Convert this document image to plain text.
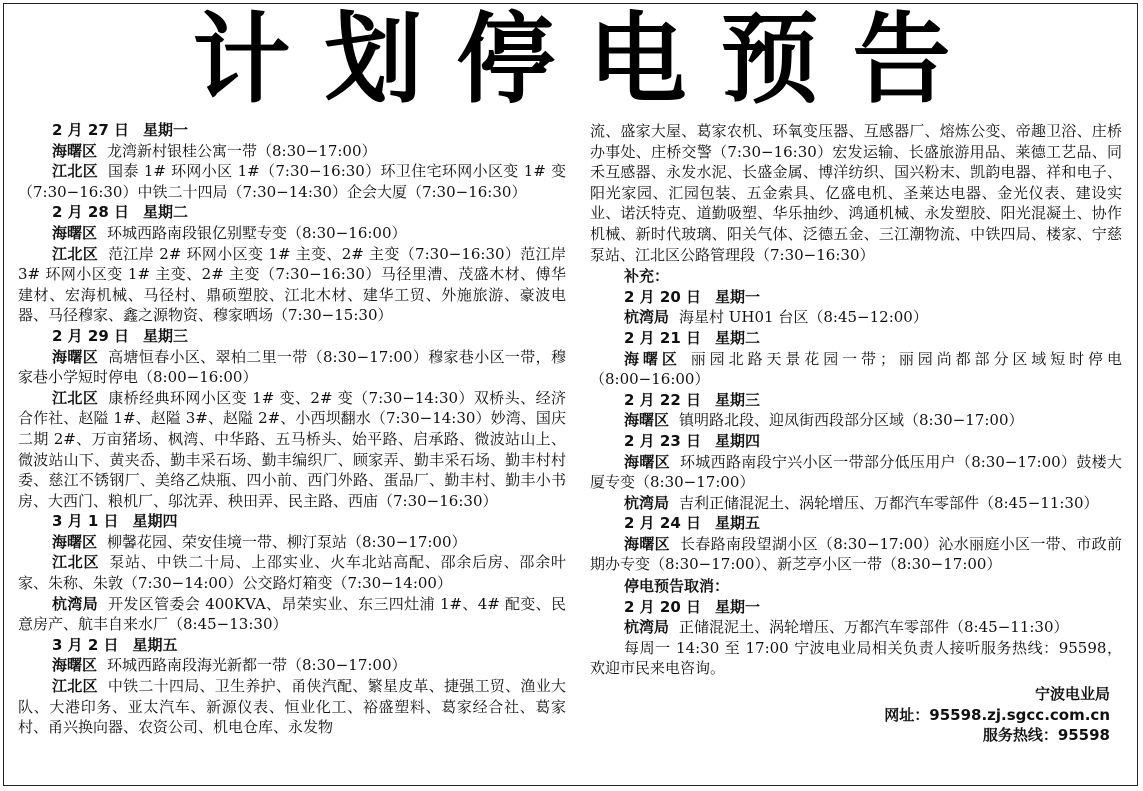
计划停电预告
2 月 27 日 星期一
海曙区 龙湾新村银桂公寓一带（8:30−17:00）
江北区 国泰 1# 环网小区 1#（7:30−16:30）环卫住宅环网小区变 1# 变（7:30−16:30）中铁二十四局（7:30−14:30）企会大厦（7:30−16:30）
2 月 28 日 星期二
海曙区 环城西路南段银亿别墅专变（8:30−16:00）
江北区 范江岸 2# 环网小区变 1# 主变、2# 主变（7:30−16:30）范江岸 3# 环网小区变 1# 主变、2# 主变（7:30−16:30）马径里漕、茂盛木材、傅华建材、宏海机械、马径村、鼎硕塑胶、江北木材、建华工贸、外施旅游、豪波电器、马径穆家、鑫之源物资、穆家晒场（7:30−15:30）
2 月 29 日 星期三
海曙区 高塘恒春小区、翠柏二里一带（8:30−17:00）穆家巷小区一带，穆家巷小学短时停电（8:00−16:00）
江北区 康桥经典环网小区变 1# 变、2# 变（7:30−14:30）双桥头、经济合作社、赵隘 1#、赵隘 3#、赵隘 2#、小西坝翻水（7:30−14:30）妙湾、国庆二期 2#、万亩猪场、枫湾、中华路、五马桥头、始平路、启承路、微波站山上、微波站山下、黄夹岙、勤丰采石场、勤丰编织厂、顾家弄、勤丰采石场、勤丰村村委、慈江不锈钢厂、美络乙炔瓶、四小前、西门外路、蛋品厂、勤丰村、勤丰小书房、大西门、粮机厂、邬沈弄、秧田弄、民主路、西庙（7:30−16:30）
3 月 1 日 星期四
海曙区 柳馨花园、荣安佳境一带、柳汀泵站（8:30−17:00）
江北区 泵站、中铁二十局、上邵实业、火车北站高配、邵余后房、邵余叶家、朱称、朱敦（7:30−14:00）公交路灯箱变（7:30−14:00）
杭湾局 开发区管委会 400KVA、昂荣实业、东三四灶浦 1#、4# 配变、民意房产、航丰自来水厂（8:45−13:30）
3 月 2 日 星期五
海曙区 环城西路南段海光新都一带（8:30−17:00）
江北区 中铁二十四局、卫生养护、甬侠汽配、繁星皮革、捷强工贸、渔业大队、大港印务、亚太汽车、新源仪表、恒业化工、裕盛塑料、葛家经合社、葛家村、甬兴换向器、农资公司、机电仓库、永发物
流、盛家大屋、葛家农机、环氧变压器、互感器厂、熔炼公变、帝趣卫浴、庄桥办事处、庄桥交警（7:30−16:30）宏发运输、长盛旅游用品、莱德工艺品、同禾互感器、永发水泥、长盛金属、博洋纺织、国兴粉末、凯韵电器、祥和电子、阳光家园、汇园包装、五金索具、亿盛电机、圣莱达电器、金光仪表、建设实业、诺沃特克、道勤吸塑、华乐抽纱、鸿通机械、永发塑胶、阳光混凝土、协作机械、新时代玻璃、阳关气体、泛德五金、三江潮物流、中铁四局、楼家、宁慈泵站、江北区公路管理段（7:30−16:30）
补充：
2 月 20 日 星期一
杭湾局 海星村 UH01 台区（8:45−12:00）
2 月 21 日 星期二
海曙区 丽园北路天景花园一带；丽园尚都部分区域短时停电（8:00−16:00）
2 月 22 日 星期三
海曙区 镇明路北段、迎凤街西段部分区域（8:30−17:00）
2 月 23 日 星期四
海曙区 环城西路南段宁兴小区一带部分低压用户（8:30−17:00）鼓楼大厦专变（8:30−17:00）
杭湾局 吉利正储混泥土、涡轮增压、万都汽车零部件（8:45−11:30）
2 月 24 日 星期五
海曙区 长春路南段望湖小区（8:30−17:00）沁水丽庭小区一带、市政前期办专变（8:30−17:00）、新芝亭小区一带（8:30−17:00）
停电预告取消：
2 月 20 日 星期一
杭湾局 正储混泥土、涡轮增压、万都汽车零部件（8:45−11:30）
每周一 14:30 至 17:00 宁波电业局相关负责人接听服务热线：95598，欢迎市民来电咨询。
宁波电业局
网址：95598.zj.sgcc.com.cn
服务热线：95598
